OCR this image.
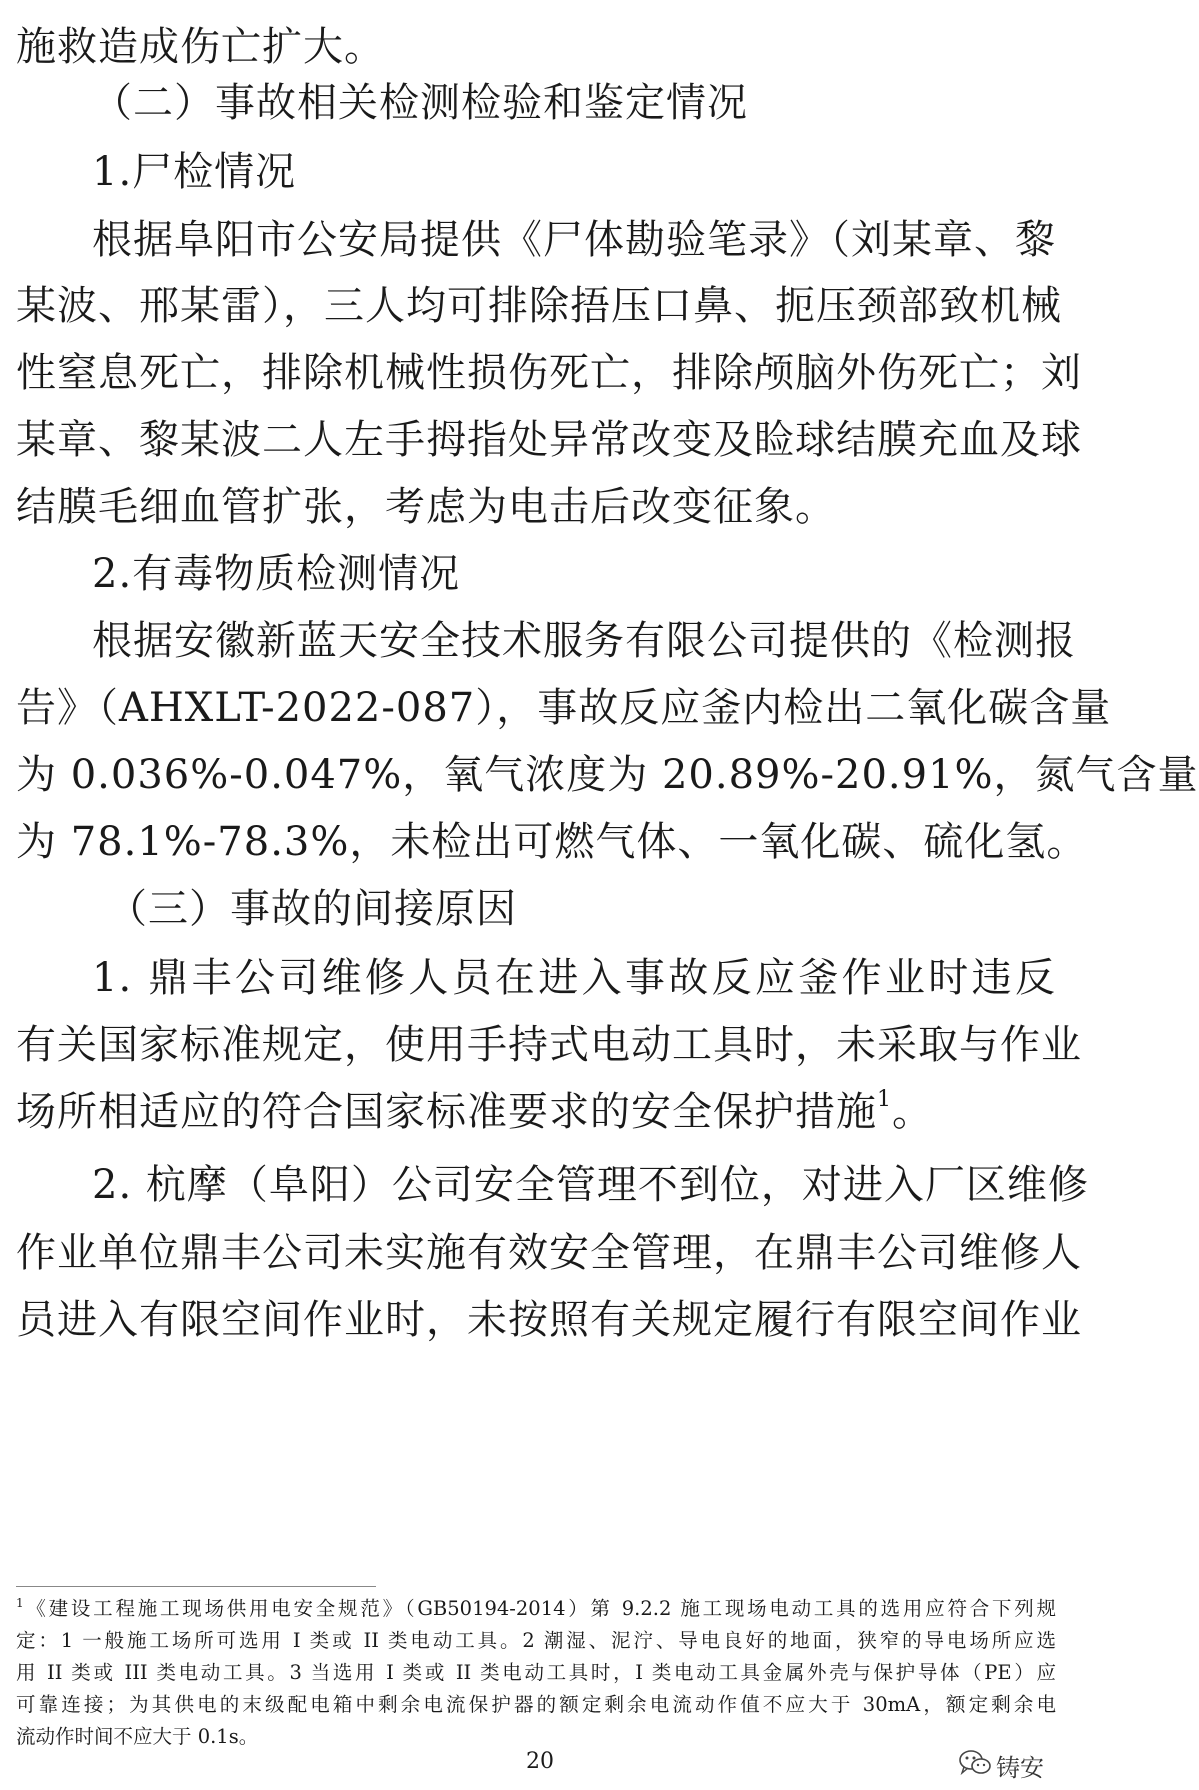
施救造成伤亡扩大。
（二）事故相关检测检验和鉴定情况
1.尸检情况
根据阜阳市公安局提供《尸体勘验笔录》（刘某章、黎
某波、邢某雷），三人均可排除捂压口鼻、扼压颈部致机械
性窒息死亡，排除机械性损伤死亡，排除颅脑外伤死亡；刘
某章、黎某波二人左手拇指处异常改变及睑球结膜充血及球
结膜毛细血管扩张，考虑为电击后改变征象。
2.有毒物质检测情况
根据安徽新蓝天安全技术服务有限公司提供的《检测报
告》（AHXLT-2022-087），事故反应釜内检出二氧化碳含量
为 0.036%-0.047%，氧气浓度为 20.89%-20.91%，氮气含量
为 78.1%-78.3%，未检出可燃气体、一氧化碳、硫化氢。
（三）事故的间接原因
1. 鼎丰公司维修人员在进入事故反应釜作业时违反
有关国家标准规定，使用手持式电动工具时，未采取与作业
场所相适应的符合国家标准要求的安全保护措施$^1$。
2. 杭摩（阜阳）公司安全管理不到位，对进入厂区维修
作业单位鼎丰公司未实施有效安全管理，在鼎丰公司维修人
员进入有限空间作业时，未按照有关规定履行有限空间作业
$^1$《建设工程施工现场供用电安全规范》（GB50194-2014）第 9.2.2 施工现场电动工具的选用应符合下列规
定：1 一般施工场所可选用 I 类或 II 类电动工具。2 潮湿、泥泞、导电良好的地面，狭窄的导电场所应选
用 II 类或 III 类电动工具。3 当选用 I 类或 II 类电动工具时，I 类电动工具金属外壳与保护导体（PE）应
可靠连接；为其供电的末级配电箱中剩余电流保护器的额定剩余电流动作值不应大于 30mA，额定剩余电
流动作时间不应大于 0.1s。
20	铸安
